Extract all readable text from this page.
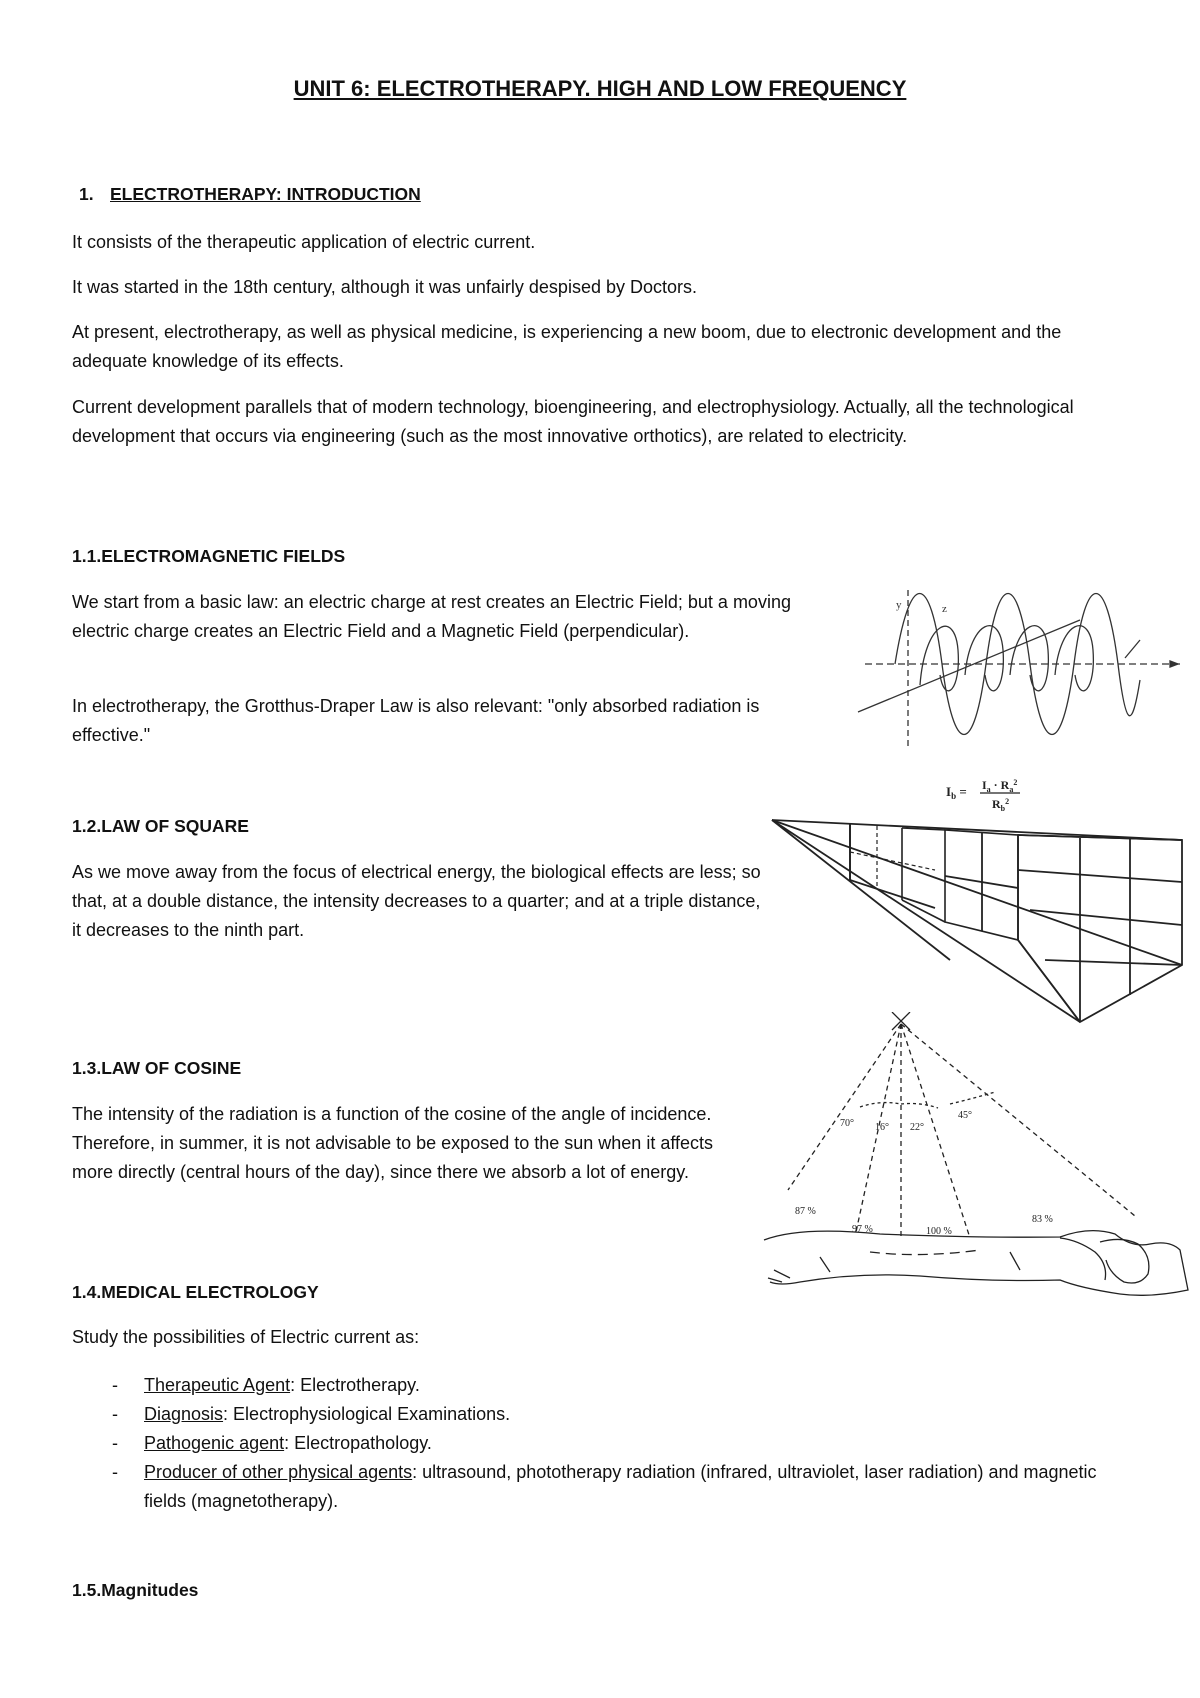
UNIT 6: ELECTROTHERAPY. HIGH AND LOW FREQUENCY
1. ELECTROTHERAPY: INTRODUCTION

It consists of the therapeutic application of electric current.

It was started in the 18th century, although it was unfairly despised by Doctors.

At present, electrotherapy, as well as physical medicine, is experiencing a new boom, due to electronic development and the adequate knowledge of its effects.

Current development parallels that of modern technology, bioengineering, and electrophysiology. Actually, all the technological development that occurs via engineering (such as the most innovative orthotics), are related to electricity.

1.1.ELECTROMAGNETIC FIELDS

We start from a basic law: an electric charge at rest creates an Electric Field; but a moving electric charge creates an Electric Field and a Magnetic Field (perpendicular).

In electrotherapy, the Grotthus-Draper Law is also relevant: "only absorbed radiation is effective."

1.2.LAW OF SQUARE

As we move away from the focus of electrical energy, the biological effects are less; so that, at a double distance, the intensity decreases to a quarter; and at a triple distance, it decreases to the ninth part.

1.3.LAW OF COSINE

The intensity of the radiation is a function of the cosine of the angle of incidence. Therefore, in summer, it is not advisable to be exposed to the sun when it affects more directly (central hours of the day), since there we absorb a lot of energy.

1.4.MEDICAL ELECTROLOGY

Study the possibilities of Electric current as:

- Therapeutic Agent: Electrotherapy.
- Diagnosis: Electrophysiological Examinations.
- Pathogenic agent: Electropathology.
- Producer of other physical agents: ultrasound, phototherapy radiation (infrared, ultraviolet, laser radiation) and magnetic fields (magnetotherapy).
1.5.Magnitudes
y	z
$I_b = I_a \cdot R_a^2$
$R_b^2$
70° 16° 22°
45°
87 %
97 %	100 %
83 %
